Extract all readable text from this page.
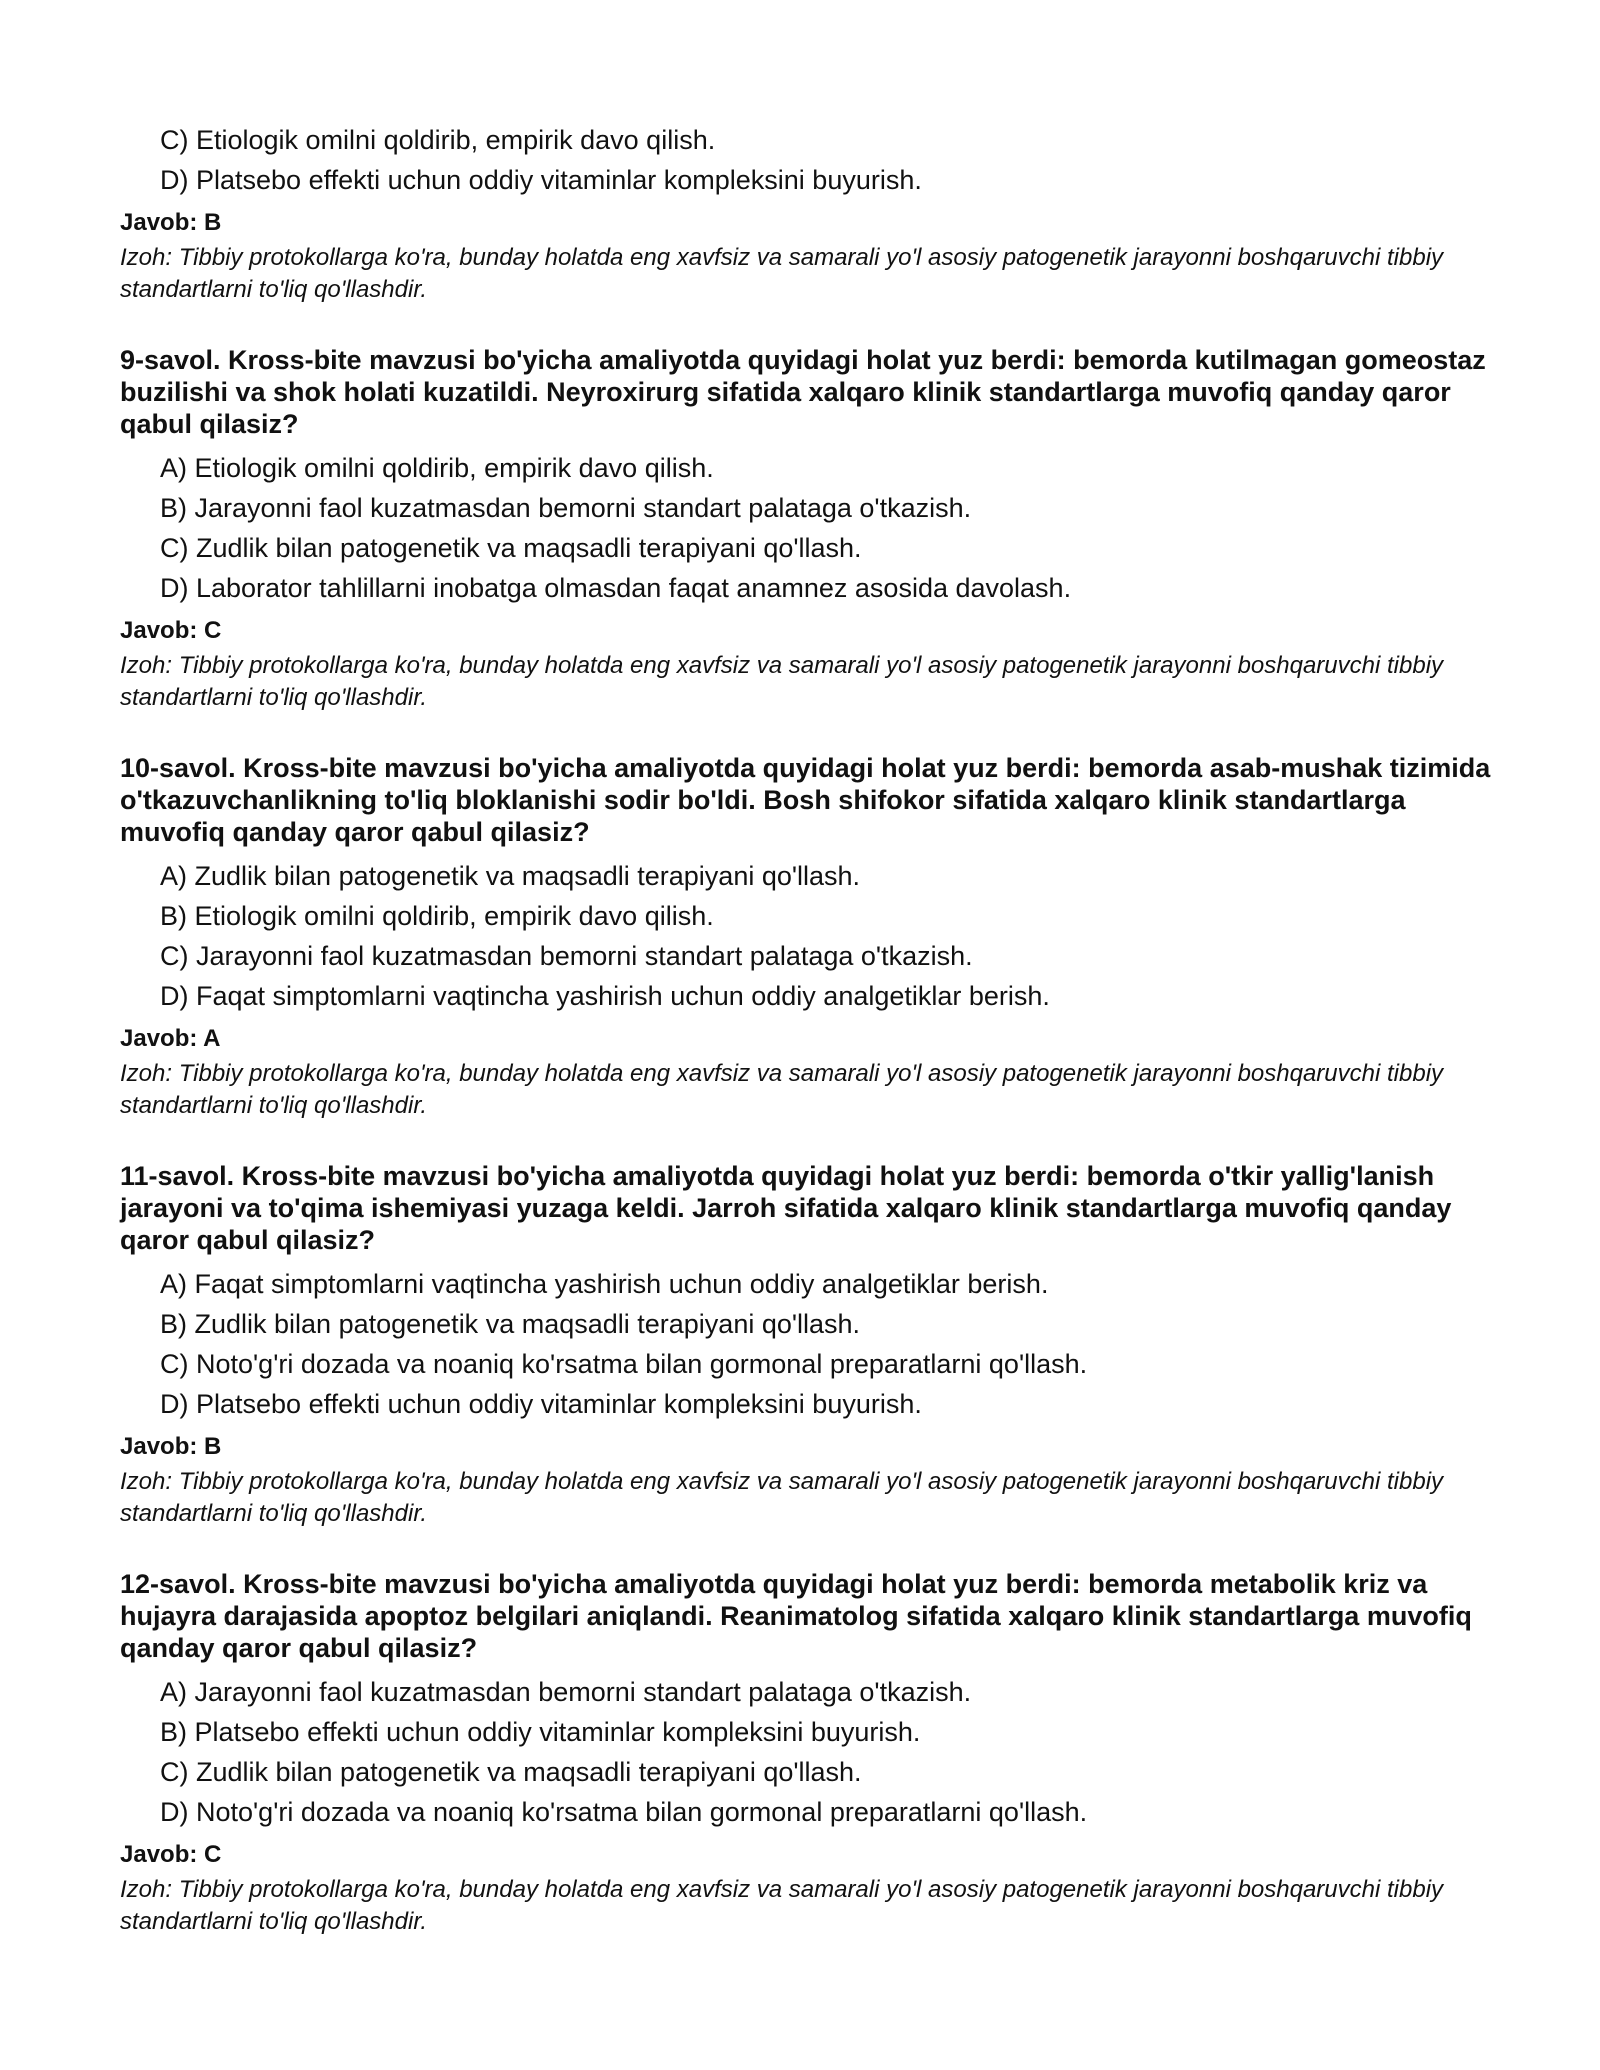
C) Etiologik omilni qoldirib, empirik davo qilish.
D) Platsebo effekti uchun oddiy vitaminlar kompleksini buyurish.
Javob: B
Izoh: Tibbiy protokollarga ko'ra, bunday holatda eng xavfsiz va samarali yo'l asosiy patogenetik jarayonni boshqaruvchi tibbiy standartlarni to'liq qo'llashdir.
9-savol. Kross-bite mavzusi bo'yicha amaliyotda quyidagi holat yuz berdi: bemorda kutilmagan gomeostaz buzilishi va shok holati kuzatildi. Neyroxirurg sifatida xalqaro klinik standartlarga muvofiq qanday qaror qabul qilasiz?
A) Etiologik omilni qoldirib, empirik davo qilish.
B) Jarayonni faol kuzatmasdan bemorni standart palataga o'tkazish.
C) Zudlik bilan patogenetik va maqsadli terapiyani qo'llash.
D) Laborator tahlillarni inobatga olmasdan faqat anamnez asosida davolash.
Javob: C
Izoh: Tibbiy protokollarga ko'ra, bunday holatda eng xavfsiz va samarali yo'l asosiy patogenetik jarayonni boshqaruvchi tibbiy standartlarni to'liq qo'llashdir.
10-savol. Kross-bite mavzusi bo'yicha amaliyotda quyidagi holat yuz berdi: bemorda asab-mushak tizimida o'tkazuvchanlikning to'liq bloklanishi sodir bo'ldi. Bosh shifokor sifatida xalqaro klinik standartlarga muvofiq qanday qaror qabul qilasiz?
A) Zudlik bilan patogenetik va maqsadli terapiyani qo'llash.
B) Etiologik omilni qoldirib, empirik davo qilish.
C) Jarayonni faol kuzatmasdan bemorni standart palataga o'tkazish.
D) Faqat simptomlarni vaqtincha yashirish uchun oddiy analgetiklar berish.
Javob: A
Izoh: Tibbiy protokollarga ko'ra, bunday holatda eng xavfsiz va samarali yo'l asosiy patogenetik jarayonni boshqaruvchi tibbiy standartlarni to'liq qo'llashdir.
11-savol. Kross-bite mavzusi bo'yicha amaliyotda quyidagi holat yuz berdi: bemorda o'tkir yallig'lanish jarayoni va to'qima ishemiyasi yuzaga keldi. Jarroh sifatida xalqaro klinik standartlarga muvofiq qanday qaror qabul qilasiz?
A) Faqat simptomlarni vaqtincha yashirish uchun oddiy analgetiklar berish.
B) Zudlik bilan patogenetik va maqsadli terapiyani qo'llash.
C) Noto'g'ri dozada va noaniq ko'rsatma bilan gormonal preparatlarni qo'llash.
D) Platsebo effekti uchun oddiy vitaminlar kompleksini buyurish.
Javob: B
Izoh: Tibbiy protokollarga ko'ra, bunday holatda eng xavfsiz va samarali yo'l asosiy patogenetik jarayonni boshqaruvchi tibbiy standartlarni to'liq qo'llashdir.
12-savol. Kross-bite mavzusi bo'yicha amaliyotda quyidagi holat yuz berdi: bemorda metabolik kriz va hujayra darajasida apoptoz belgilari aniqlandi. Reanimatolog sifatida xalqaro klinik standartlarga muvofiq qanday qaror qabul qilasiz?
A) Jarayonni faol kuzatmasdan bemorni standart palataga o'tkazish.
B) Platsebo effekti uchun oddiy vitaminlar kompleksini buyurish.
C) Zudlik bilan patogenetik va maqsadli terapiyani qo'llash.
D) Noto'g'ri dozada va noaniq ko'rsatma bilan gormonal preparatlarni qo'llash.
Javob: C
Izoh: Tibbiy protokollarga ko'ra, bunday holatda eng xavfsiz va samarali yo'l asosiy patogenetik jarayonni boshqaruvchi tibbiy standartlarni to'liq qo'llashdir.
